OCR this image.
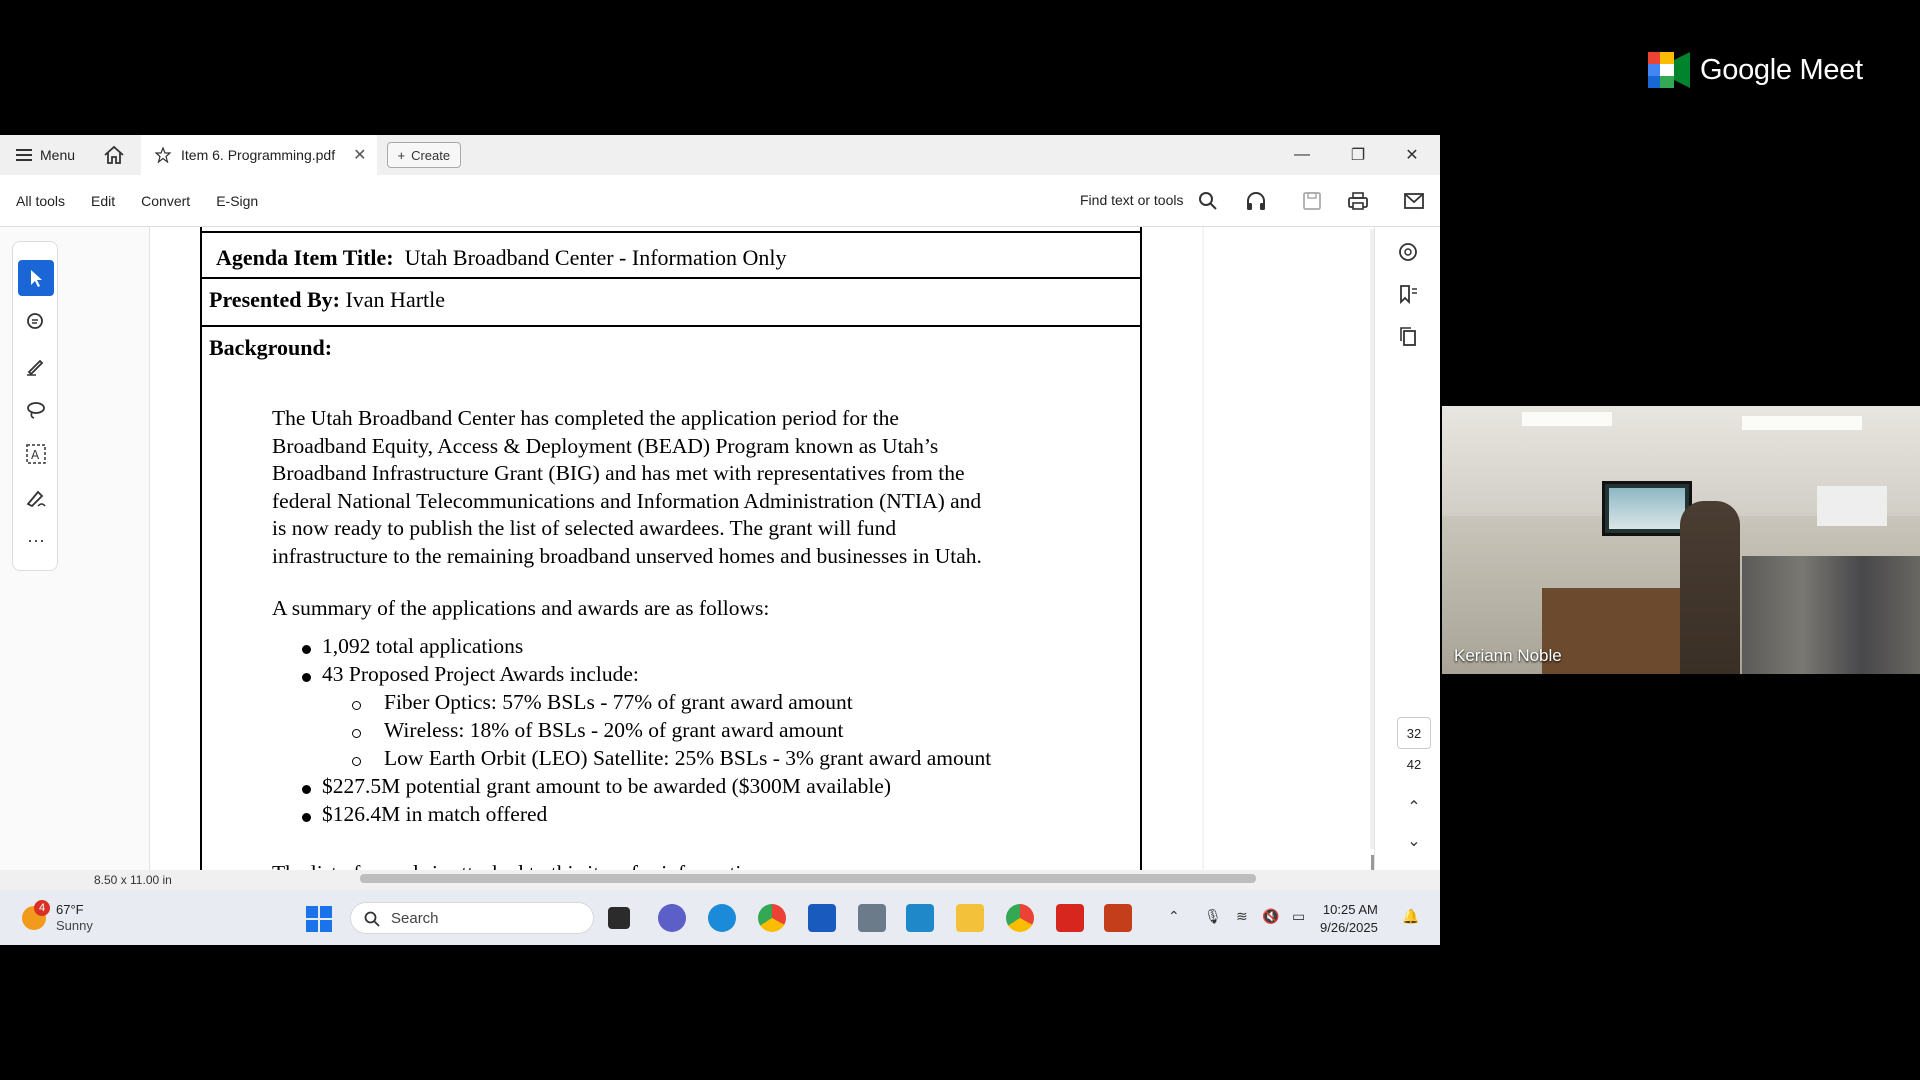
Google Meet
Keriann Noble
Menu	Item 6. Programming.pdf ✕ + Create	—	❐	✕
All tools Edit Convert E-Sign	Find text or tools
A
···
Agenda Item Title: Utah Broadband Center - Information Only
Presented By: Ivan Hartle
Background:
The Utah Broadband Center has completed the application period for the
Broadband Equity, Access & Deployment (BEAD) Program known as Utah’s
Broadband Infrastructure Grant (BIG) and has met with representatives from the
federal National Telecommunications and Information Administration (NTIA) and
is now ready to publish the list of selected awardees. The grant will fund
infrastructure to the remaining broadband unserved homes and businesses in Utah.
A summary of the applications and awards are as follows:
1,092 total applications
43 Proposed Project Awards include:
Fiber Optics: 57% BSLs - 77% of grant award amount
Wireless: 18% of BSLs - 20% of grant award amount
Low Earth Orbit (LEO) Satellite: 25% BSLs - 3% grant award amount
$227.5M potential grant amount to be awarded ($300M available)
$126.4M in match offered
32
42
⌃
⌄
8.50 x 11.00 in
4 67°F
Sunny	Search	⌃ 🎙 ≋ 🔇 ▭ 10:25 AM
9/26/2025
🔔
